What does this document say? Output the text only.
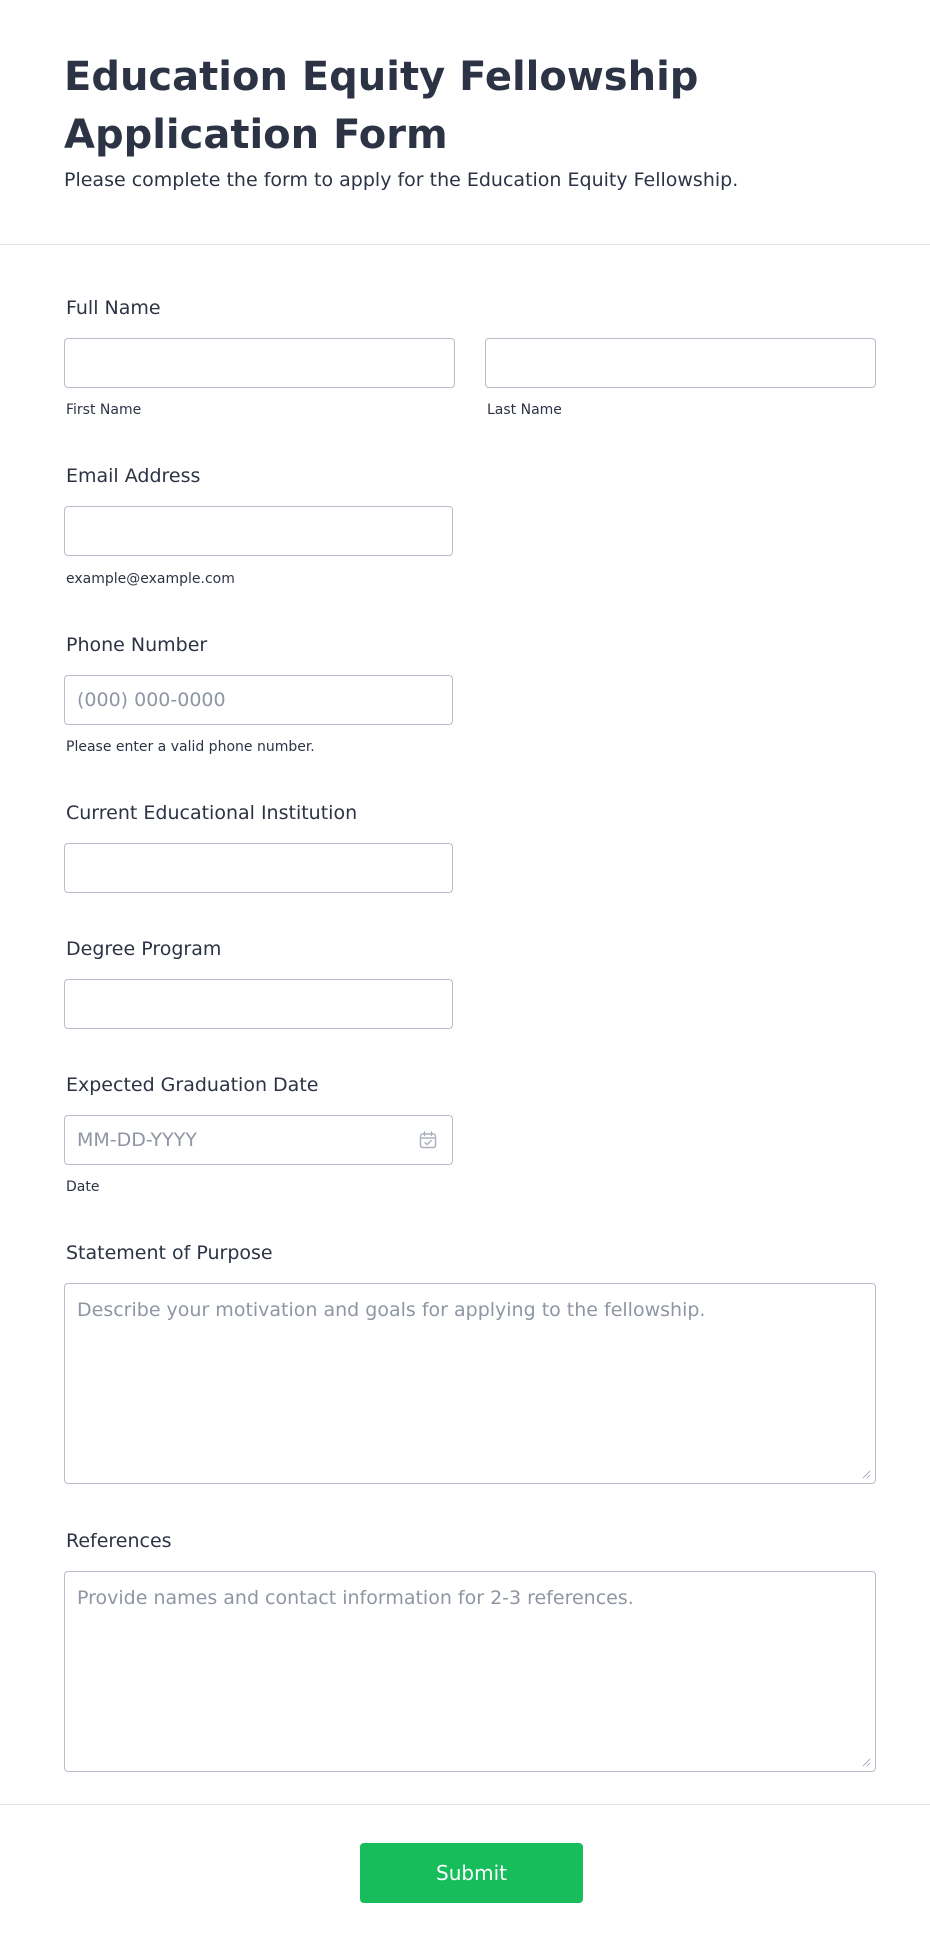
Education Equity Fellowship Application Form

Please complete the form to apply for the Education Equity Fellowship.

Full Name
First Name	Last Name
Email Address
example@example.com
Phone Number
(000) 000-0000
Please enter a valid phone number.
Current Educational Institution
Degree Program
Expected Graduation Date
MM-DD-YYYY
Date
Statement of Purpose
Describe your motivation and goals for applying to the fellowship.
References
Provide names and contact information for 2-3 references.
Submit
